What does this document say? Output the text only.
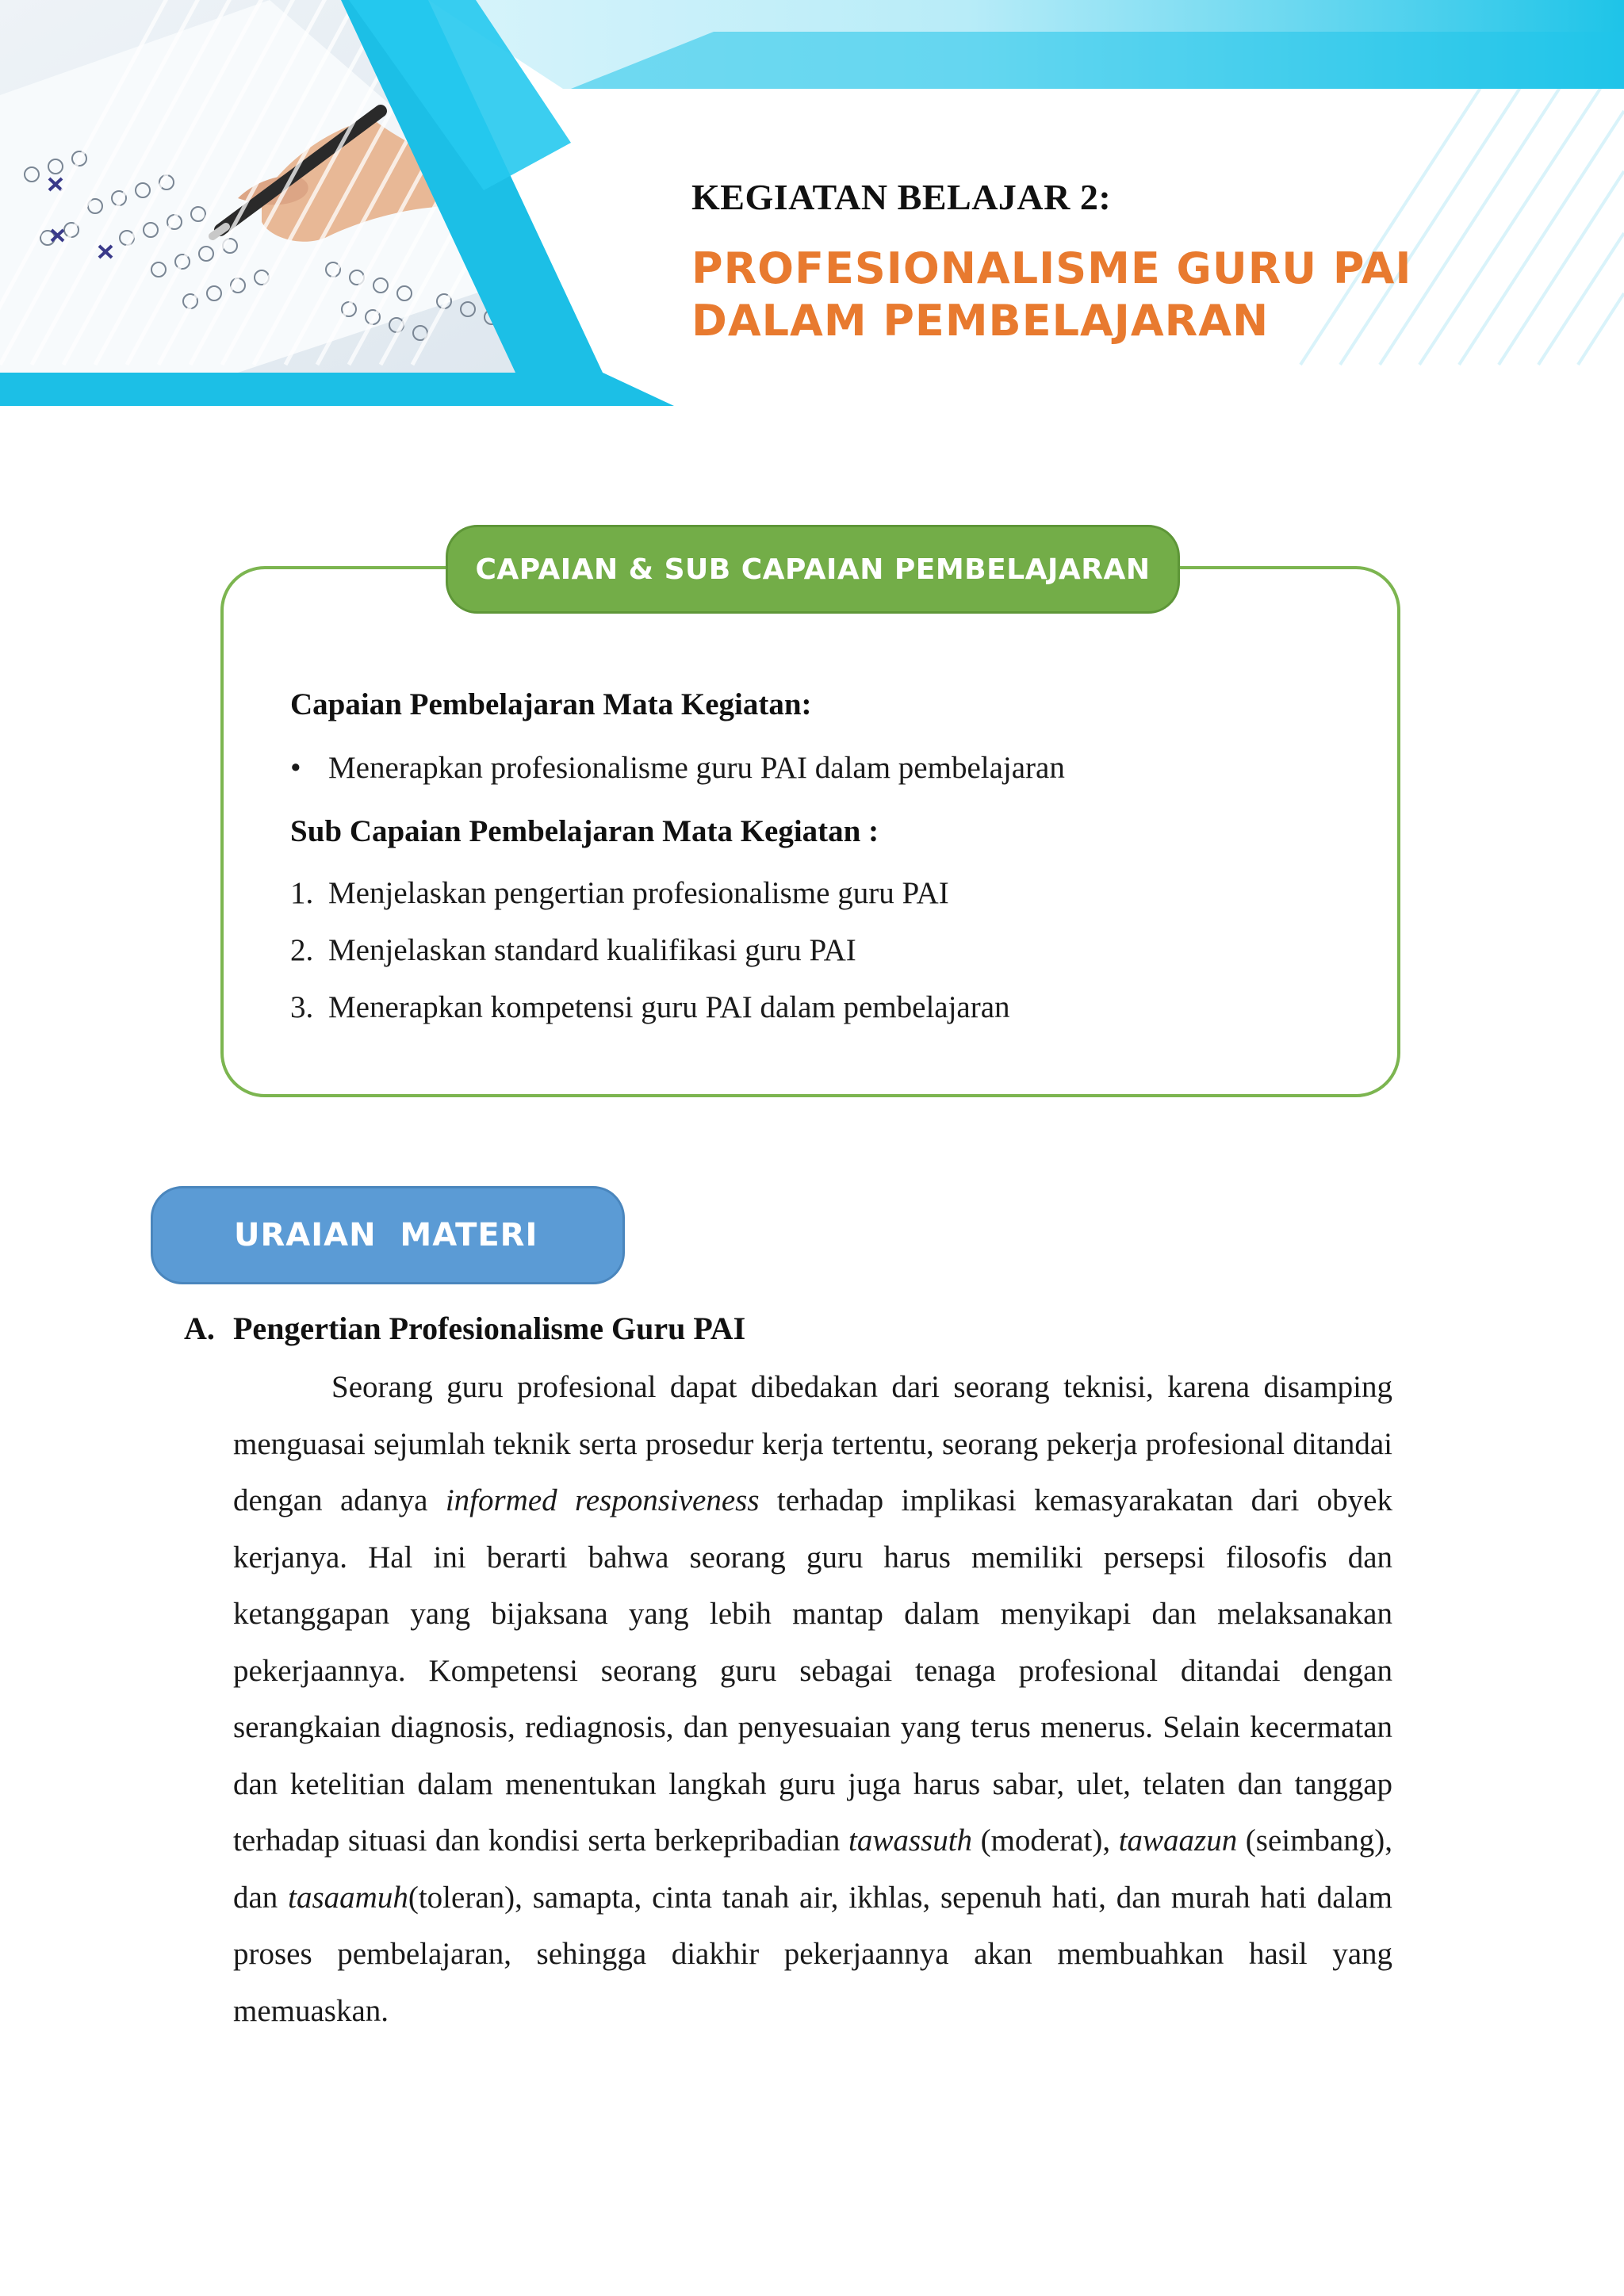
KEGIATAN BELAJAR 2:
PROFESIONALISME GURU PAI
DALAM PEMBELAJARAN
CAPAIAN & SUB CAPAIAN PEMBELAJARAN
Capaian Pembelajaran Mata Kegiatan:
• Menerapkan profesionalisme guru PAI dalam pembelajaran
Sub Capaian Pembelajaran Mata Kegiatan :
1. Menjelaskan pengertian profesionalisme guru PAI
2. Menjelaskan standard kualifikasi guru PAI
3. Menerapkan kompetensi guru PAI dalam pembelajaran
URAIAN  MATERI
A. Pengertian Profesionalisme Guru PAI
Seorang guru profesional dapat dibedakan dari seorang teknisi, karena disamping menguasai sejumlah teknik serta prosedur kerja tertentu, seorang pekerja profesional ditandai dengan adanya informed responsiveness terhadap implikasi kemasyarakatan dari obyek kerjanya. Hal ini berarti bahwa seorang guru harus memiliki persepsi filosofis dan ketanggapan yang bijaksana yang lebih mantap dalam menyikapi dan melaksanakan pekerjaannya. Kompetensi seorang guru sebagai tenaga profesional ditandai dengan serangkaian diagnosis, rediagnosis, dan penyesuaian yang terus menerus. Selain kecermatan dan ketelitian dalam menentukan langkah guru juga harus sabar, ulet, telaten dan tanggap terhadap situasi dan kondisi serta berkepribadian tawassuth (moderat), tawaazun (seimbang), dan tasaamuh(toleran), samapta, cinta tanah air, ikhlas, sepenuh hati, dan murah hati dalam proses pembelajaran, sehingga diakhir pekerjaannya akan membuahkan hasil yang memuaskan.
